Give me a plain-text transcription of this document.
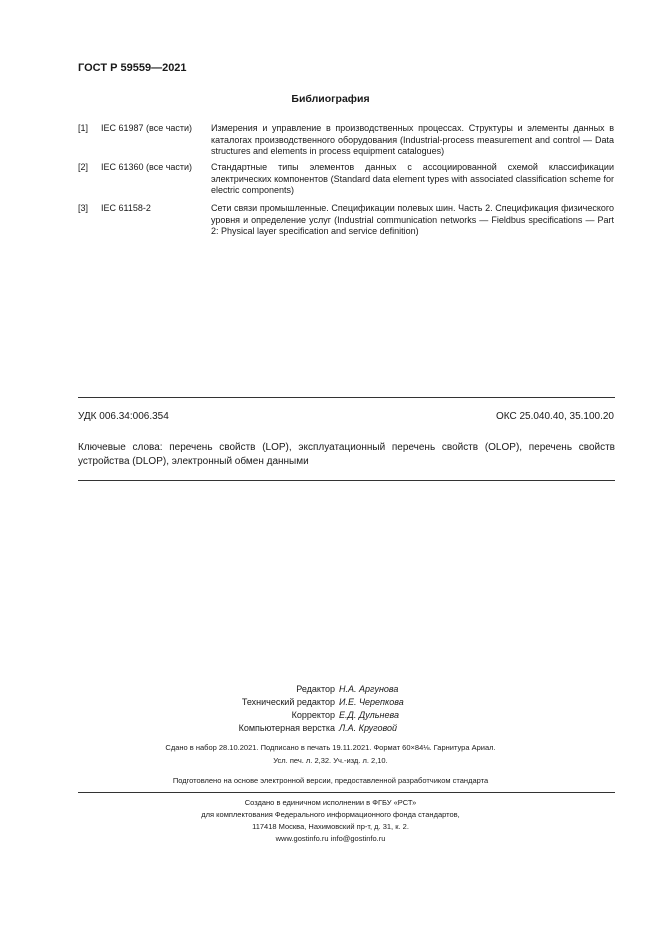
ГОСТ Р 59559—2021
Библиография
[1]	IEC 61987 (все части)	Измерения и управление в производственных процессах. Структуры и элементы данных в каталогах производственного оборудования (Industrial-process measurement and control — Data structures and elements in process equipment catalogues)
[2]	IEC 61360 (все части)	Стандартные типы элементов данных с ассоциированной схемой классификации электрических компонентов (Standard data element types with associated classification scheme for electric components)
[3]	IEC 61158-2	Сети связи промышленные. Спецификации полевых шин. Часть 2. Спецификация физического уровня и определение услуг (Industrial communication networks — Fieldbus specifications — Part 2: Physical layer specification and service definition)
УДК 006.34:006.354	ОКС 25.040.40, 35.100.20
Ключевые слова: перечень свойств (LOP), эксплуатационный перечень свойств (OLOP), перечень свойств устройства (DLOP), электронный обмен данными
Редактор Н.А. Аргунова
Технический редактор И.Е. Черепкова
Корректор Е.Д. Дульнева
Компьютерная верстка Л.А. Круговой
Сдано в набор 28.10.2021. Подписано в печать 19.11.2021. Формат 60×84⅛. Гарнитура Ариал.
Усл. печ. л. 2,32. Уч.-изд. л. 2,10.
Подготовлено на основе электронной версии, предоставленной разработчиком стандарта
Создано в единичном исполнении в ФГБУ «РСТ»
для комплектования Федерального информационного фонда стандартов,
117418 Москва, Нахимовский пр-т, д. 31, к. 2.
www.gostinfo.ru info@gostinfo.ru
